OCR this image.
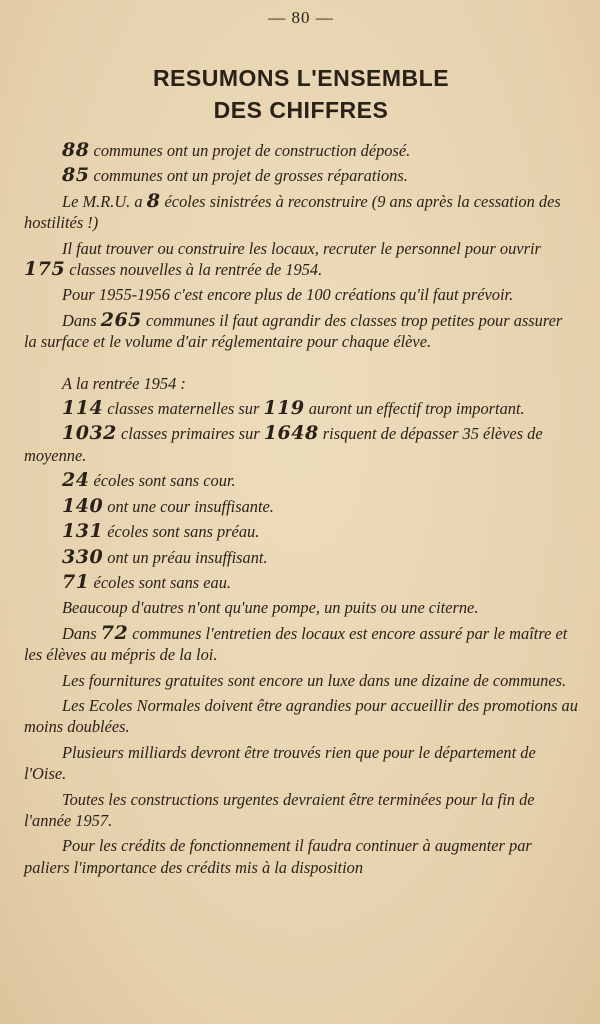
— 80 —
RESUMONS L'ENSEMBLE
DES CHIFFRES

88 communes ont un projet de construction déposé.

85 communes ont un projet de grosses réparations.

Le M.R.U. a 8 écoles sinistrées à reconstruire (9 ans après la cessation des hostilités !)

Il faut trouver ou construire les locaux, recruter le personnel pour ouvrir 175 classes nouvelles à la rentrée de 1954.

Pour 1955-1956 c'est encore plus de 100 créations qu'il faut prévoir.

Dans 265 communes il faut agrandir des classes trop petites pour assurer la surface et le volume d'air réglementaire pour chaque élève.

A la rentrée 1954 :

114 classes maternelles sur 119 auront un effectif trop important.

1032 classes primaires sur 1648 risquent de dépasser 35 élèves de moyenne.

24 écoles sont sans cour.

140 ont une cour insuffisante.

131 écoles sont sans préau.

330 ont un préau insuffisant.

71 écoles sont sans eau.

Beaucoup d'autres n'ont qu'une pompe, un puits ou une citerne.

Dans 72 communes l'entretien des locaux est encore assuré par le maître et les élèves au mépris de la loi.

Les fournitures gratuites sont encore un luxe dans une dizaine de communes.

Les Ecoles Normales doivent être agrandies pour accueillir des promotions au moins doublées.

Plusieurs milliards devront être trouvés rien que pour le département de l'Oise.

Toutes les constructions urgentes devraient être terminées pour la fin de l'année 1957.

Pour les crédits de fonctionnement il faudra continuer à augmenter par paliers l'importance des crédits mis à la disposition
